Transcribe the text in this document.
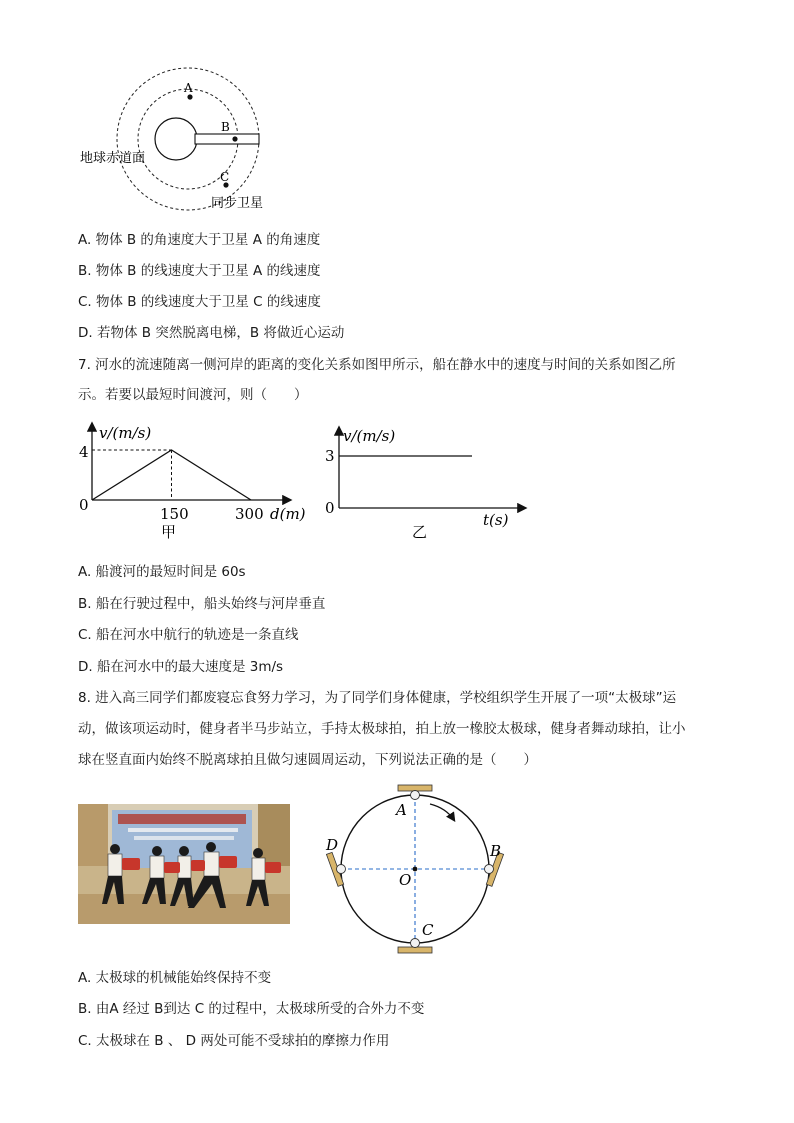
A
B
C
地球赤道面
同步卫星
A. 物体 B 的角速度大于卫星 A 的角速度
B. 物体 B 的线速度大于卫星 A 的线速度
C. 物体 B 的线速度大于卫星 C 的线速度
D. 若物体 B 突然脱离电梯，B 将做近心运动
7. 河水的流速随离一侧河岸的距离的变化关系如图甲所示，船在静水中的速度与时间的关系如图乙所
示。若要以最短时间渡河，则（　　）
v/(m/s)
d(m)
0
4
150	300
甲
v/(m/s)
t(s)
0
3
乙
A. 船渡河的最短时间是 60s
B. 船在行驶过程中，船头始终与河岸垂直
C. 船在河水中航行的轨迹是一条直线
D. 船在河水中的最大速度是 3m/s
8. 进入高三同学们都废寝忘食努力学习，为了同学们身体健康，学校组织学生开展了一项“太极球”运
动，做该项运动时，健身者半马步站立，手持太极球拍，拍上放一橡胶太极球，健身者舞动球拍，让小
球在竖直面内始终不脱离球拍且做匀速圆周运动，下列说法正确的是（　　）
A
B
C
D
O
A. 太极球的机械能始终保持不变
B. 由A 经过 B到达 C 的过程中，太极球所受的合外力不变
C. 太极球在 B 、 D 两处可能不受球拍的摩擦力作用
